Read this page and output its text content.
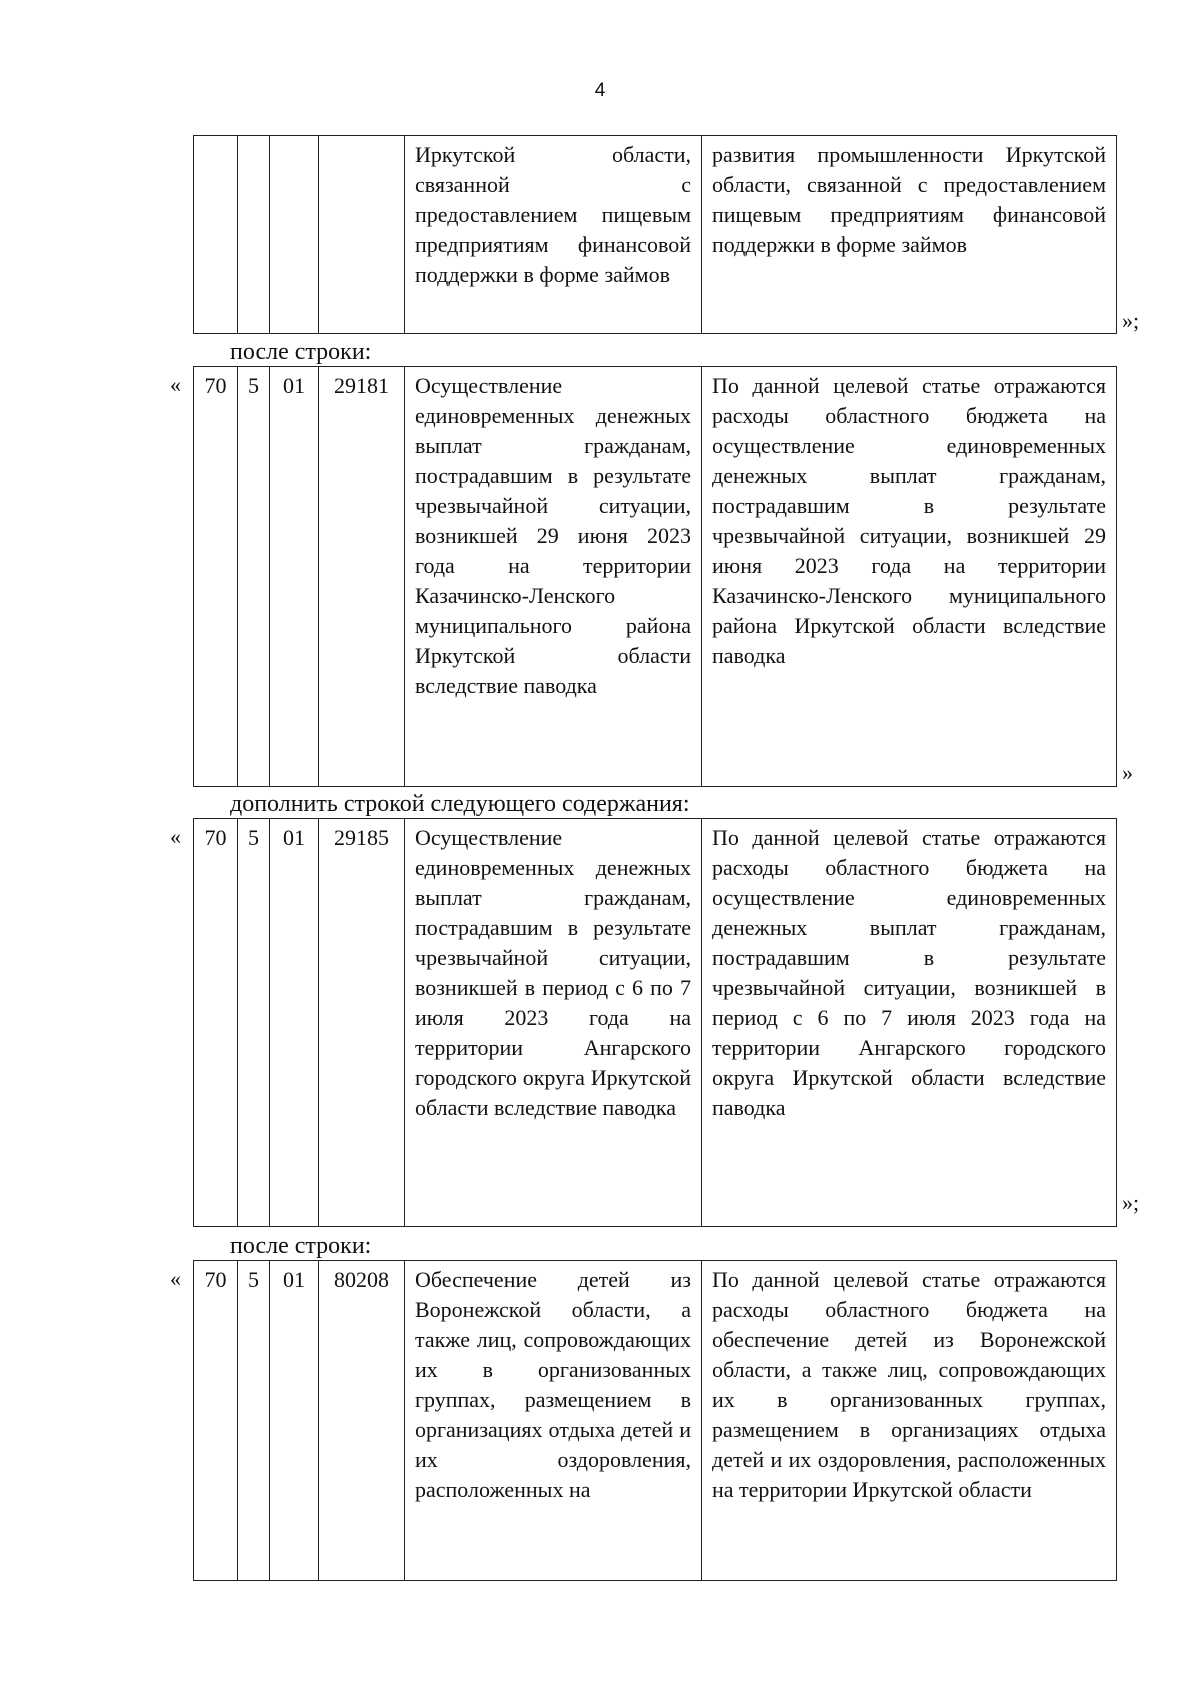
4
				Иркутской области, связанной с предоставлением пищевым предприятиям финансовой поддержки в форме займов	развития промышленности Иркутской области, связанной с предоставлением пищевым предприятиям финансовой поддержки в форме займов
»;
после строки:
« 70	5	01	29181	Осуществление единовременных денежных выплат гражданам, пострадавшим в результате чрезвычайной ситуации, возникшей 29 июня 2023 года на территории Казачинско-Ленского муниципального района Иркутской области вследствие паводка	По данной целевой статье отражаются расходы областного бюджета на осуществление единовременных денежных выплат гражданам, пострадавшим в результате чрезвычайной ситуации, возникшей 29 июня 2023 года на территории Казачинско-Ленского муниципального района Иркутской области вследствие паводка
»
дополнить строкой следующего содержания:
« 70	5	01	29185	Осуществление единовременных денежных выплат гражданам, пострадавшим в результате чрезвычайной ситуации, возникшей в период с 6 по 7 июля 2023 года на территории Ангарского городского округа Иркутской области вследствие паводка	По данной целевой статье отражаются расходы областного бюджета на осуществление единовременных денежных выплат гражданам, пострадавшим в результате чрезвычайной ситуации, возникшей в период с 6 по 7 июля 2023 года на территории Ангарского городского округа Иркутской области вследствие паводка
»;
после строки:
« 70	5	01	80208	Обеспечение детей из Воронежской области, а также лиц, сопровождающих их в организованных группах, размещением в организациях отдыха детей и их оздоровления, расположенных на	По данной целевой статье отражаются расходы областного бюджета на обеспечение детей из Воронежской области, а также лиц, сопровождающих их в организованных группах, размещением в организациях отдыха детей и их оздоровления, расположенных на территории Иркутской области
